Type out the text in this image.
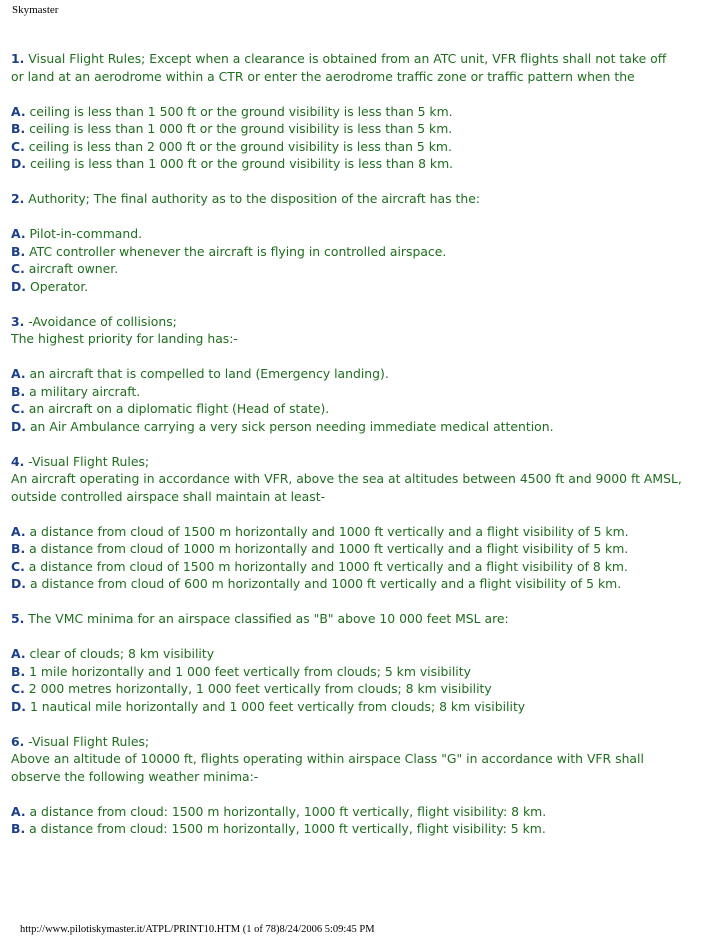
Skymaster
1. Visual Flight Rules; Except when a clearance is obtained from an ATC unit, VFR flights shall not take off
or land at an aerodrome within a CTR or enter the aerodrome traffic zone or traffic pattern when the
A. ceiling is less than 1 500 ft or the ground visibility is less than 5 km.
B. ceiling is less than 1 000 ft or the ground visibility is less than 5 km.
C. ceiling is less than 2 000 ft or the ground visibility is less than 5 km.
D. ceiling is less than 1 000 ft or the ground visibility is less than 8 km.
2. Authority; The final authority as to the disposition of the aircraft has the:
A. Pilot-in-command.
B. ATC controller whenever the aircraft is flying in controlled airspace.
C. aircraft owner.
D. Operator.
3. -Avoidance of collisions;
The highest priority for landing has:-
A. an aircraft that is compelled to land (Emergency landing).
B. a military aircraft.
C. an aircraft on a diplomatic flight (Head of state).
D. an Air Ambulance carrying a very sick person needing immediate medical attention.
4. -Visual Flight Rules;
An aircraft operating in accordance with VFR, above the sea at altitudes between 4500 ft and 9000 ft AMSL,
outside controlled airspace shall maintain at least-
A. a distance from cloud of 1500 m horizontally and 1000 ft vertically and a flight visibility of 5 km.
B. a distance from cloud of 1000 m horizontally and 1000 ft vertically and a flight visibility of 5 km.
C. a distance from cloud of 1500 m horizontally and 1000 ft vertically and a flight visibility of 8 km.
D. a distance from cloud of 600 m horizontally and 1000 ft vertically and a flight visibility of 5 km.
5. The VMC minima for an airspace classified as "B" above 10 000 feet MSL are:
A. clear of clouds; 8 km visibility
B. 1 mile horizontally and 1 000 feet vertically from clouds; 5 km visibility
C. 2 000 metres horizontally, 1 000 feet vertically from clouds; 8 km visibility
D. 1 nautical mile horizontally and 1 000 feet vertically from clouds; 8 km visibility
6. -Visual Flight Rules;
Above an altitude of 10000 ft, flights operating within airspace Class "G" in accordance with VFR shall
observe the following weather minima:-
A. a distance from cloud: 1500 m horizontally, 1000 ft vertically, flight visibility: 8 km.
B. a distance from cloud: 1500 m horizontally, 1000 ft vertically, flight visibility: 5 km.
http://www.pilotiskymaster.it/ATPL/PRINT10.HTM (1 of 78)8/24/2006 5:09:45 PM
